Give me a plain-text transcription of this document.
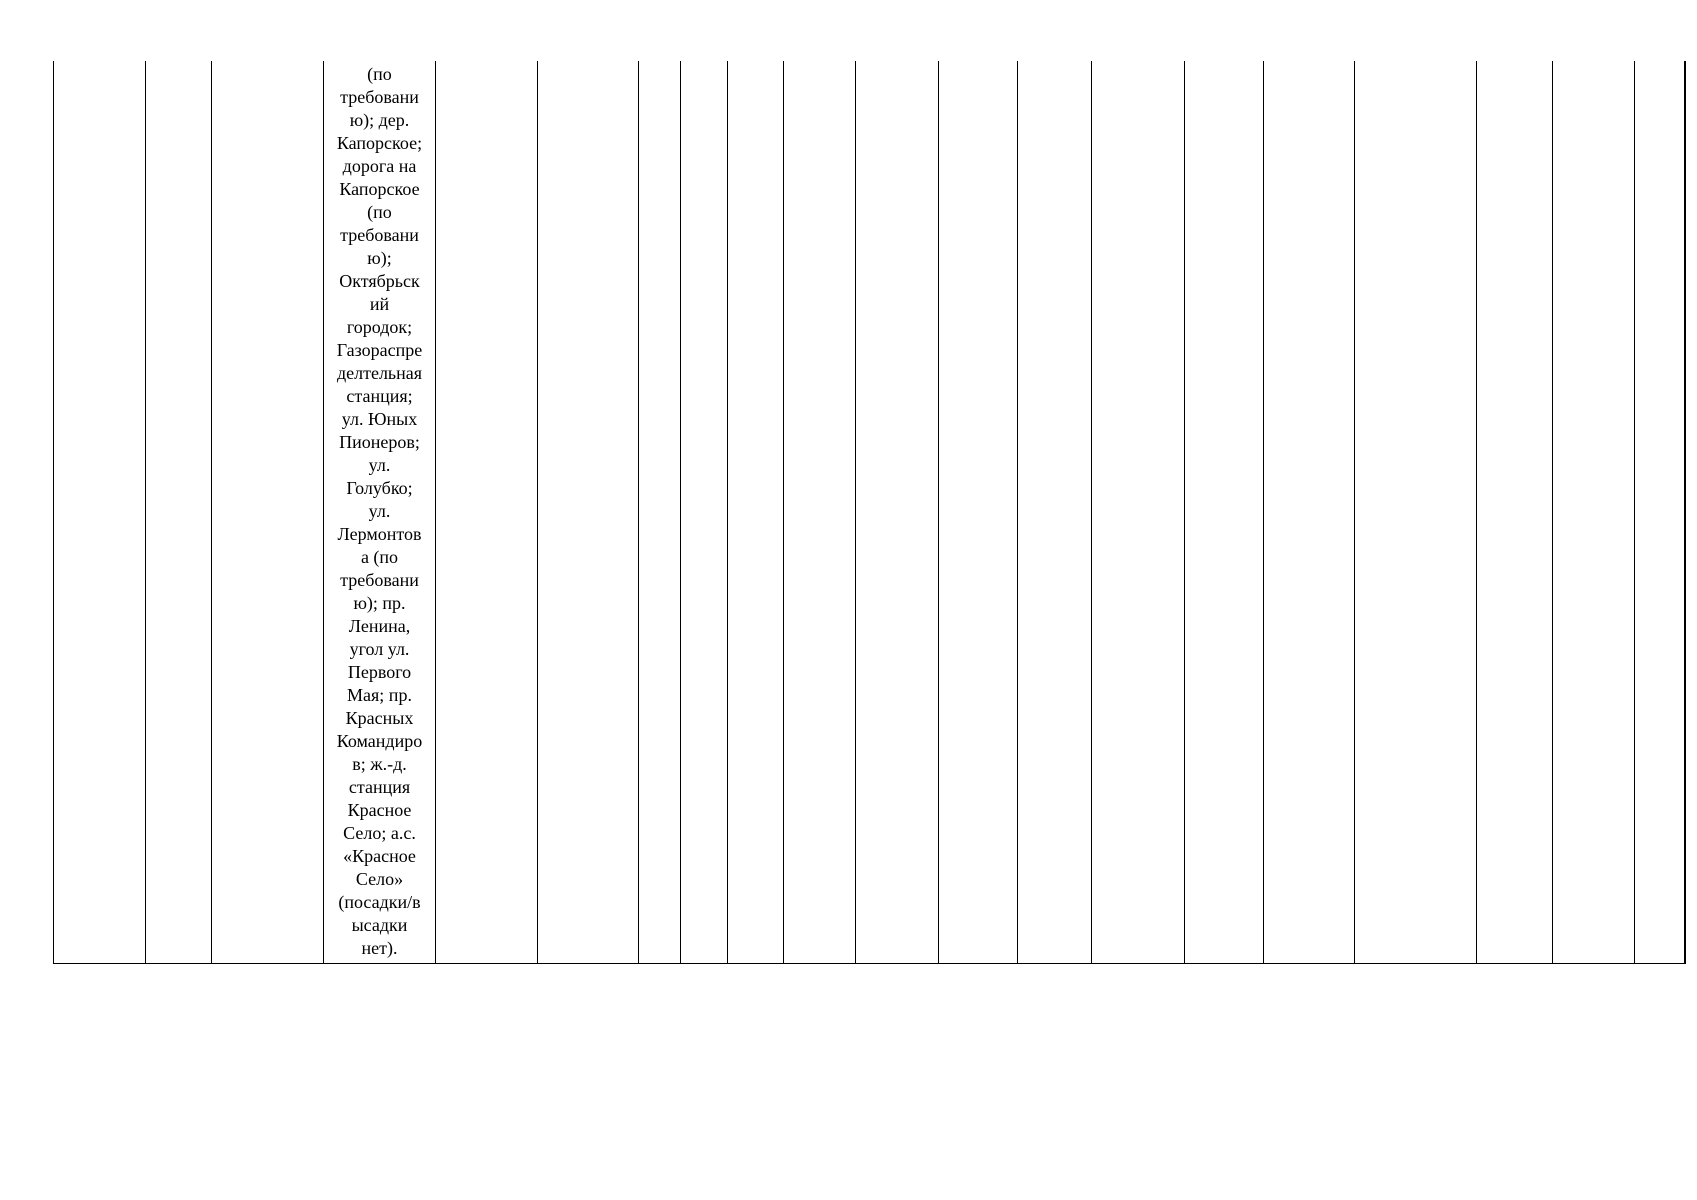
(по
требовани
ю); дер.
Капорское;
дорога на
Капорское
(по
требовани
ю);
Октябрьск
ий
городок;
Газораспре
делтельная
станция;
ул. Юных
Пионеров;
ул.
Голубко;
ул.
Лермонтов
а (по
требовани
ю); пр.
Ленина,
угол ул.
Первого
Мая; пр.
Красных
Командиро
в; ж.-д.
станция
Красное
Село; а.с.
«Красное
Село»
(посадки/в
ысадки
нет).
